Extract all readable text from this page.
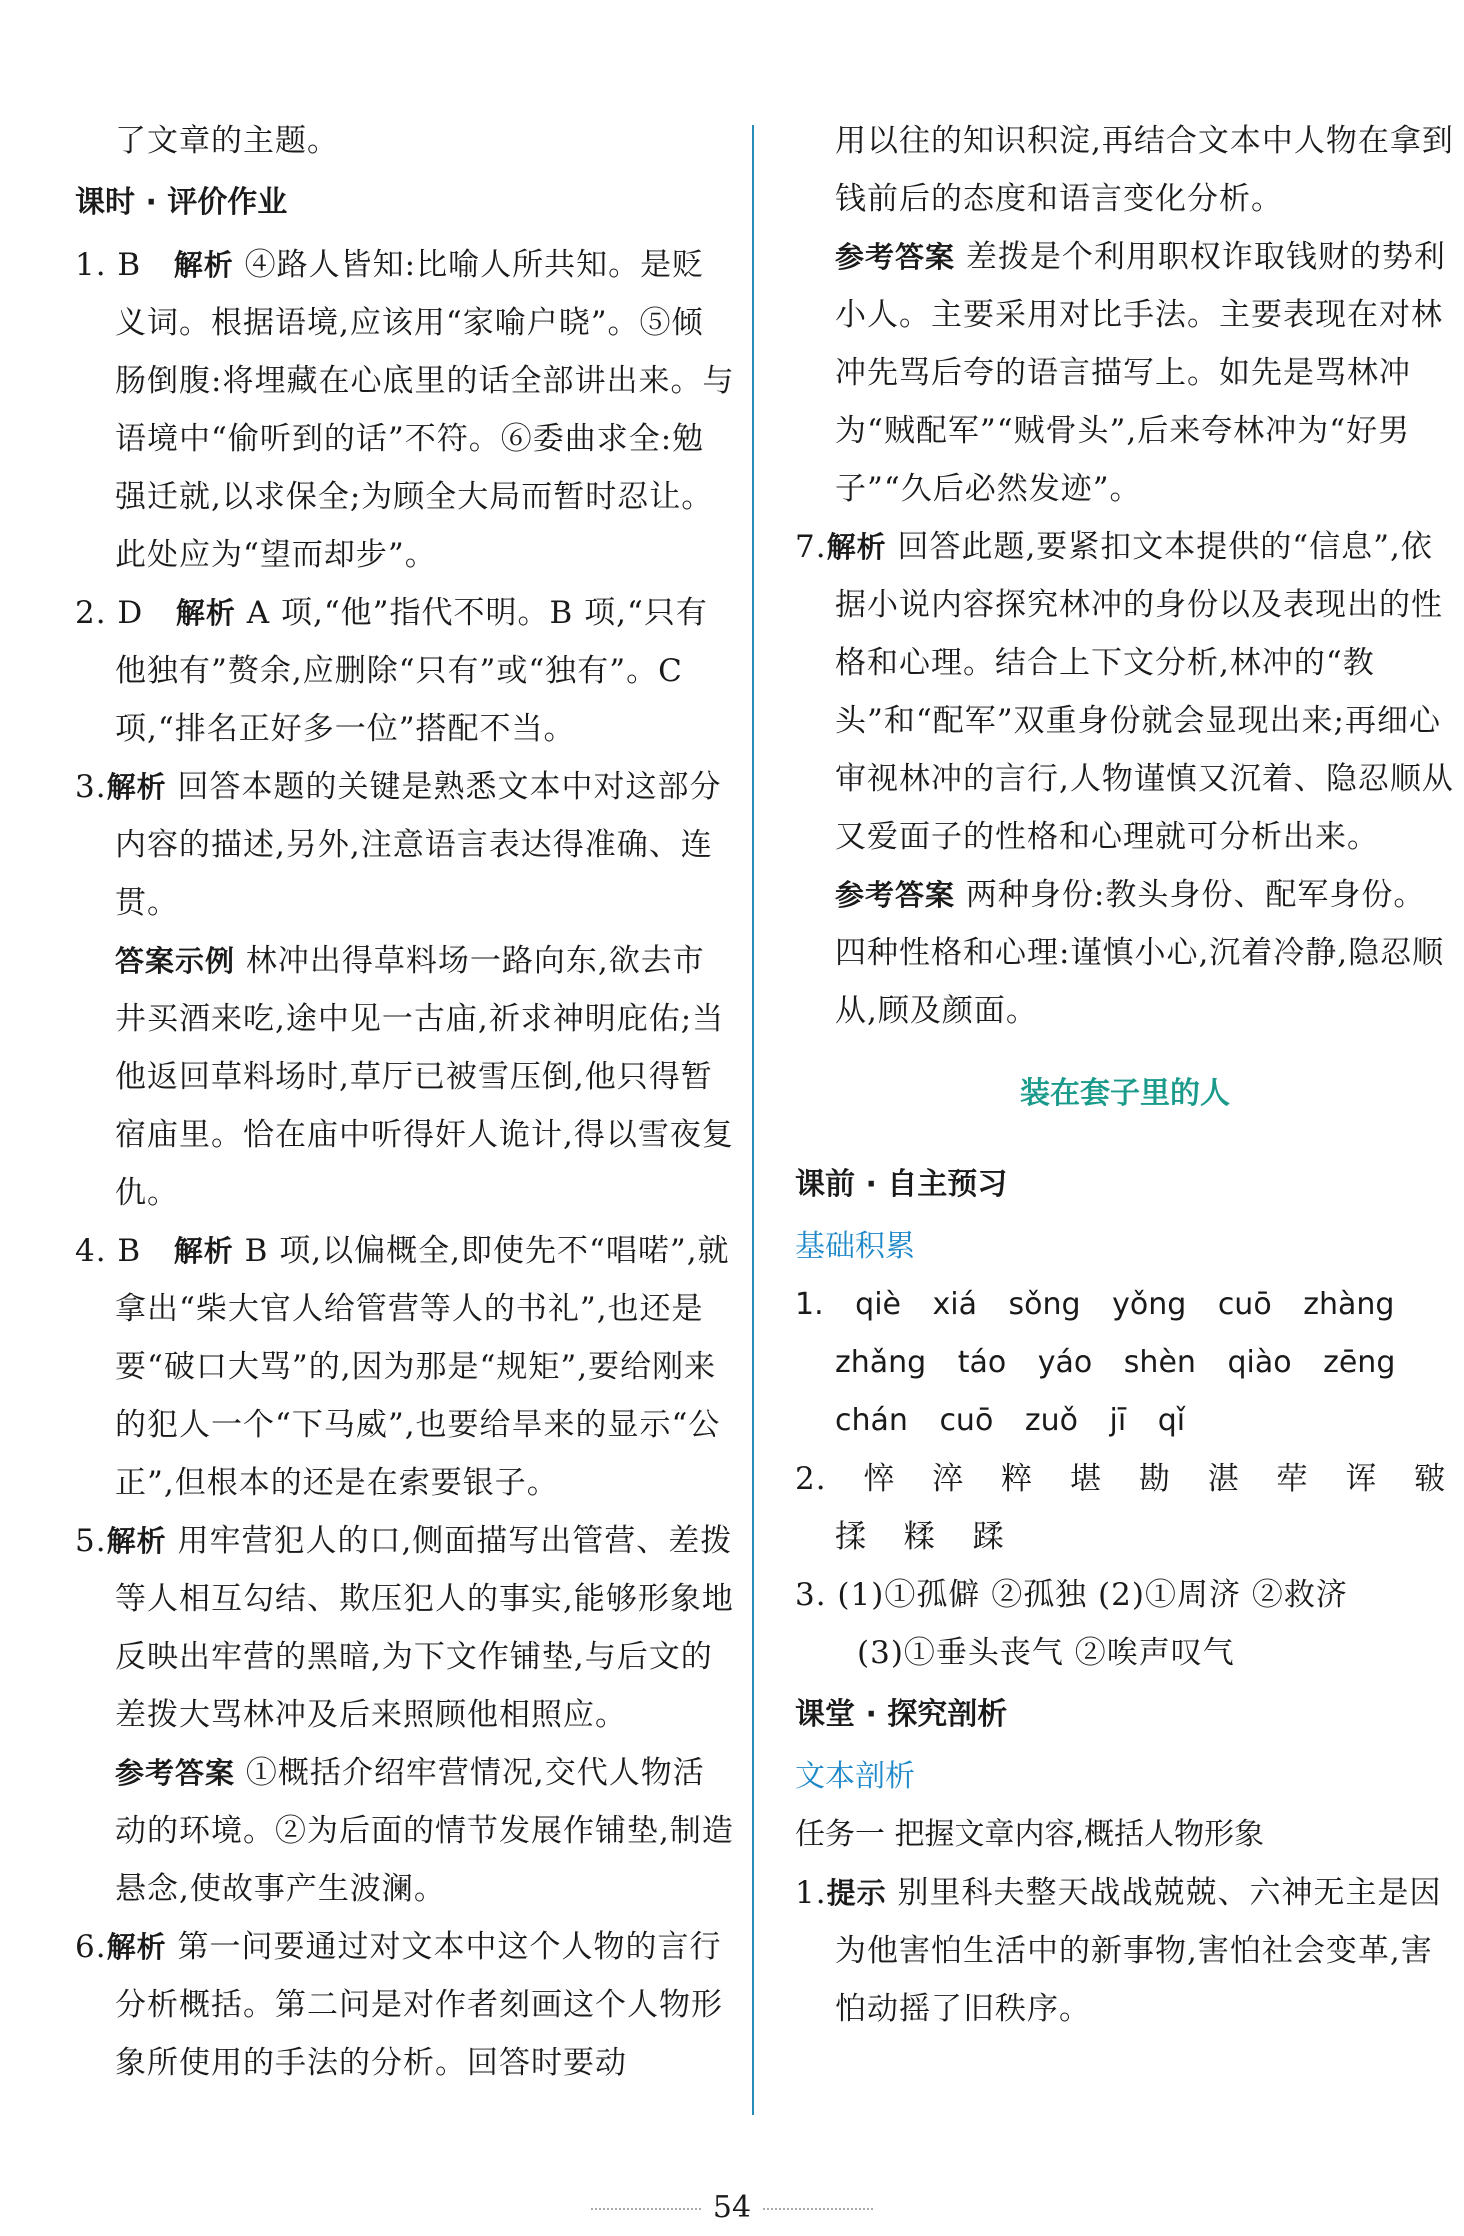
了文章的主题。

课时 · 评价作业

1. B 解析 ④路人皆知:比喻人所共知。是贬义词。根据语境,应该用“家喻户晓”。⑤倾肠倒腹:将埋藏在心底里的话全部讲出来。与语境中“偷听到的话”不符。⑥委曲求全:勉强迁就,以求保全;为顾全大局而暂时忍让。此处应为“望而却步”。

2. D 解析 A 项,“他”指代不明。B 项,“只有他独有”赘余,应删除“只有”或“独有”。C 项,“排名正好多一位”搭配不当。

3.解析 回答本题的关键是熟悉文本中对这部分内容的描述,另外,注意语言表达得准确、连贯。

答案示例 林冲出得草料场一路向东,欲去市井买酒来吃,途中见一古庙,祈求神明庇佑;当他返回草料场时,草厅已被雪压倒,他只得暂宿庙里。恰在庙中听得奸人诡计,得以雪夜复仇。

4. B 解析 B 项,以偏概全,即使先不“唱喏”,就拿出“柴大官人给管营等人的书礼”,也还是要“破口大骂”的,因为那是“规矩”,要给刚来的犯人一个“下马威”,也要给旱来的显示“公正”,但根本的还是在索要银子。

5.解析 用牢营犯人的口,侧面描写出管营、差拨等人相互勾结、欺压犯人的事实,能够形象地反映出牢营的黑暗,为下文作铺垫,与后文的差拨大骂林冲及后来照顾他相照应。

参考答案 ①概括介绍牢营情况,交代人物活动的环境。②为后面的情节发展作铺垫,制造悬念,使故事产生波澜。

6.解析 第一问要通过对文本中这个人物的言行分析概括。第二问是对作者刻画这个人物形象所使用的手法的分析。回答时要动

用以往的知识积淀,再结合文本中人物在拿到钱前后的态度和语言变化分析。

参考答案 差拨是个利用职权诈取钱财的势利小人。主要采用对比手法。主要表现在对林冲先骂后夸的语言描写上。如先是骂林冲为“贼配军”“贼骨头”,后来夸林冲为“好男子”“久后必然发迹”。

7.解析 回答此题,要紧扣文本提供的“信息”,依据小说内容探究林冲的身份以及表现出的性格和心理。结合上下文分析,林冲的“教头”和“配军”双重身份就会显现出来;再细心审视林冲的言行,人物谨慎又沉着、隐忍顺从又爱面子的性格和心理就可分析出来。

参考答案 两种身份:教头身份、配军身份。四种性格和心理:谨慎小心,沉着冷静,隐忍顺从,顾及颜面。

装在套子里的人

课前 · 自主预习

基础积累

1. qiè xiá sǒng yǒng cuō zhàng

zhǎng táo yáo shèn qiào zēng

chán cuō zuǒ jī qǐ

2. 悴 淬 粹 堪 勘 湛 荦 诨 皲

揉 糅 蹂

3. (1)①孤僻 ②孤独 (2)①周济 ②救济

(3)①垂头丧气 ②唉声叹气

课堂 · 探究剖析

文本剖析

任务一 把握文章内容,概括人物形象

1.提示 别里科夫整天战战兢兢、六神无主是因为他害怕生活中的新事物,害怕社会变革,害怕动摇了旧秩序。

54
